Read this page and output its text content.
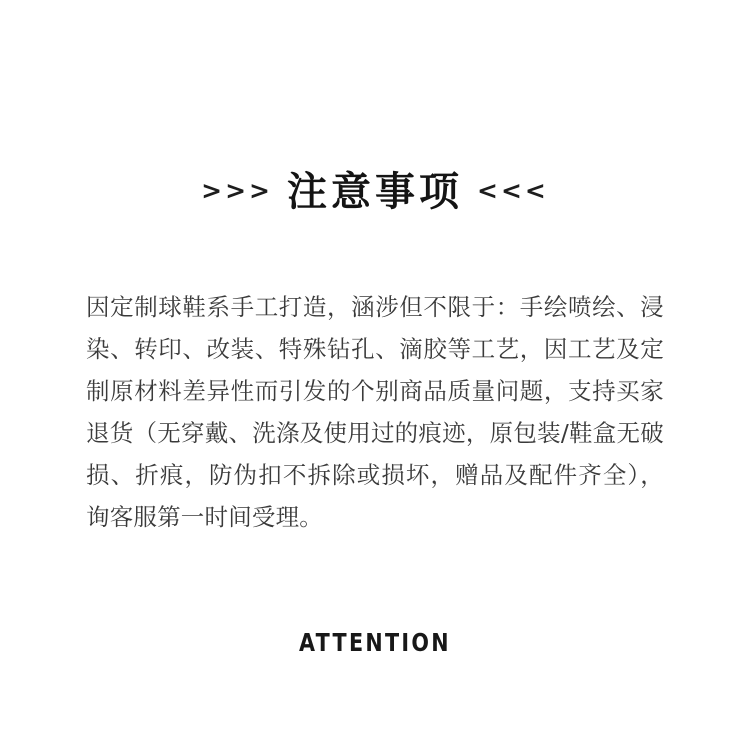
>>> 注意事项 <<<

因定制球鞋系手工打造，涵涉但不限于：手绘喷绘、浸染、转印、改装、特殊钻孔、滴胶等工艺，因工艺及定制原材料差异性而引发的个别商品质量问题，支持买家退货（无穿戴、洗涤及使用过的痕迹，原包装/鞋盒无破损、折痕，防伪扣不拆除或损坏，赠品及配件齐全），询客服第一时间受理。

ATTENTION
